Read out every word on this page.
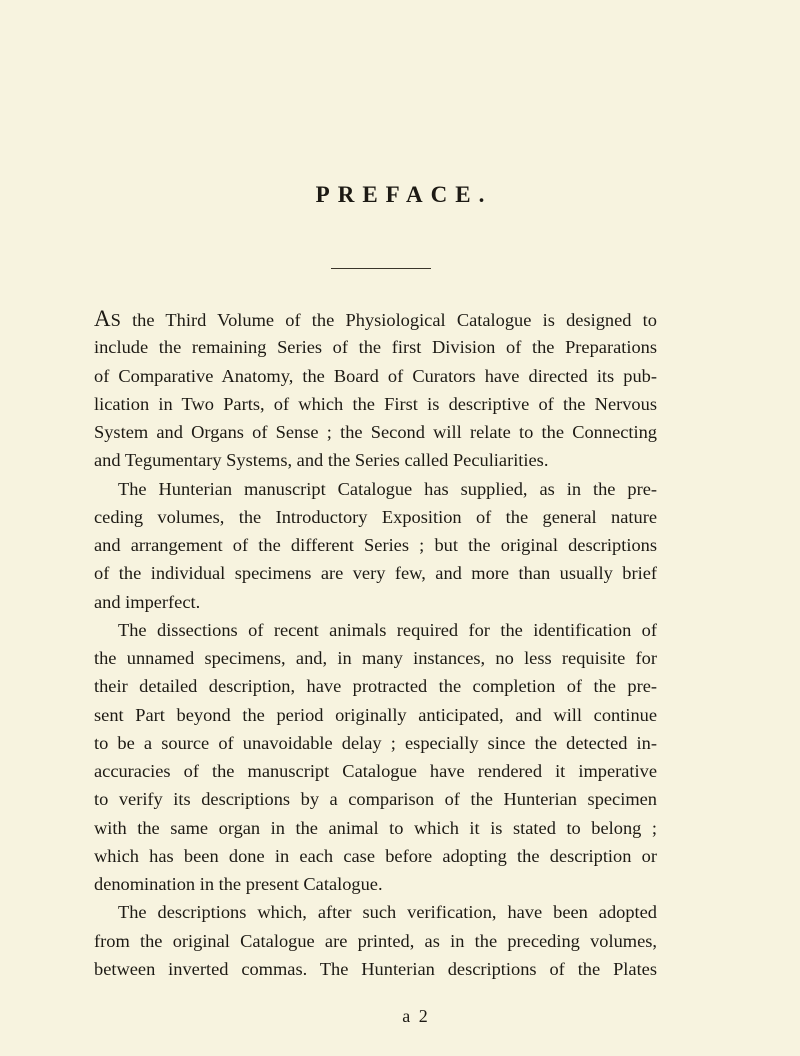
PREFACE.
AS the Third Volume of the Physiological Catalogue is designed to
include the remaining Series of the first Division of the Preparations
of Comparative Anatomy, the Board of Curators have directed its pub-
lication in Two Parts, of which the First is descriptive of the Nervous
System and Organs of Sense ; the Second will relate to the Connecting
and Tegumentary Systems, and the Series called Peculiarities.
The Hunterian manuscript Catalogue has supplied, as in the pre-
ceding volumes, the Introductory Exposition of the general nature
and arrangement of the different Series ; but the original descriptions
of the individual specimens are very few, and more than usually brief
and imperfect.
The dissections of recent animals required for the identification of
the unnamed specimens, and, in many instances, no less requisite for
their detailed description, have protracted the completion of the pre-
sent Part beyond the period originally anticipated, and will continue
to be a source of unavoidable delay ; especially since the detected in-
accuracies of the manuscript Catalogue have rendered it imperative
to verify its descriptions by a comparison of the Hunterian specimen
with the same organ in the animal to which it is stated to belong ;
which has been done in each case before adopting the description or
denomination in the present Catalogue.
The descriptions which, after such verification, have been adopted
from the original Catalogue are printed, as in the preceding volumes,
between inverted commas. The Hunterian descriptions of the Plates
a 2
